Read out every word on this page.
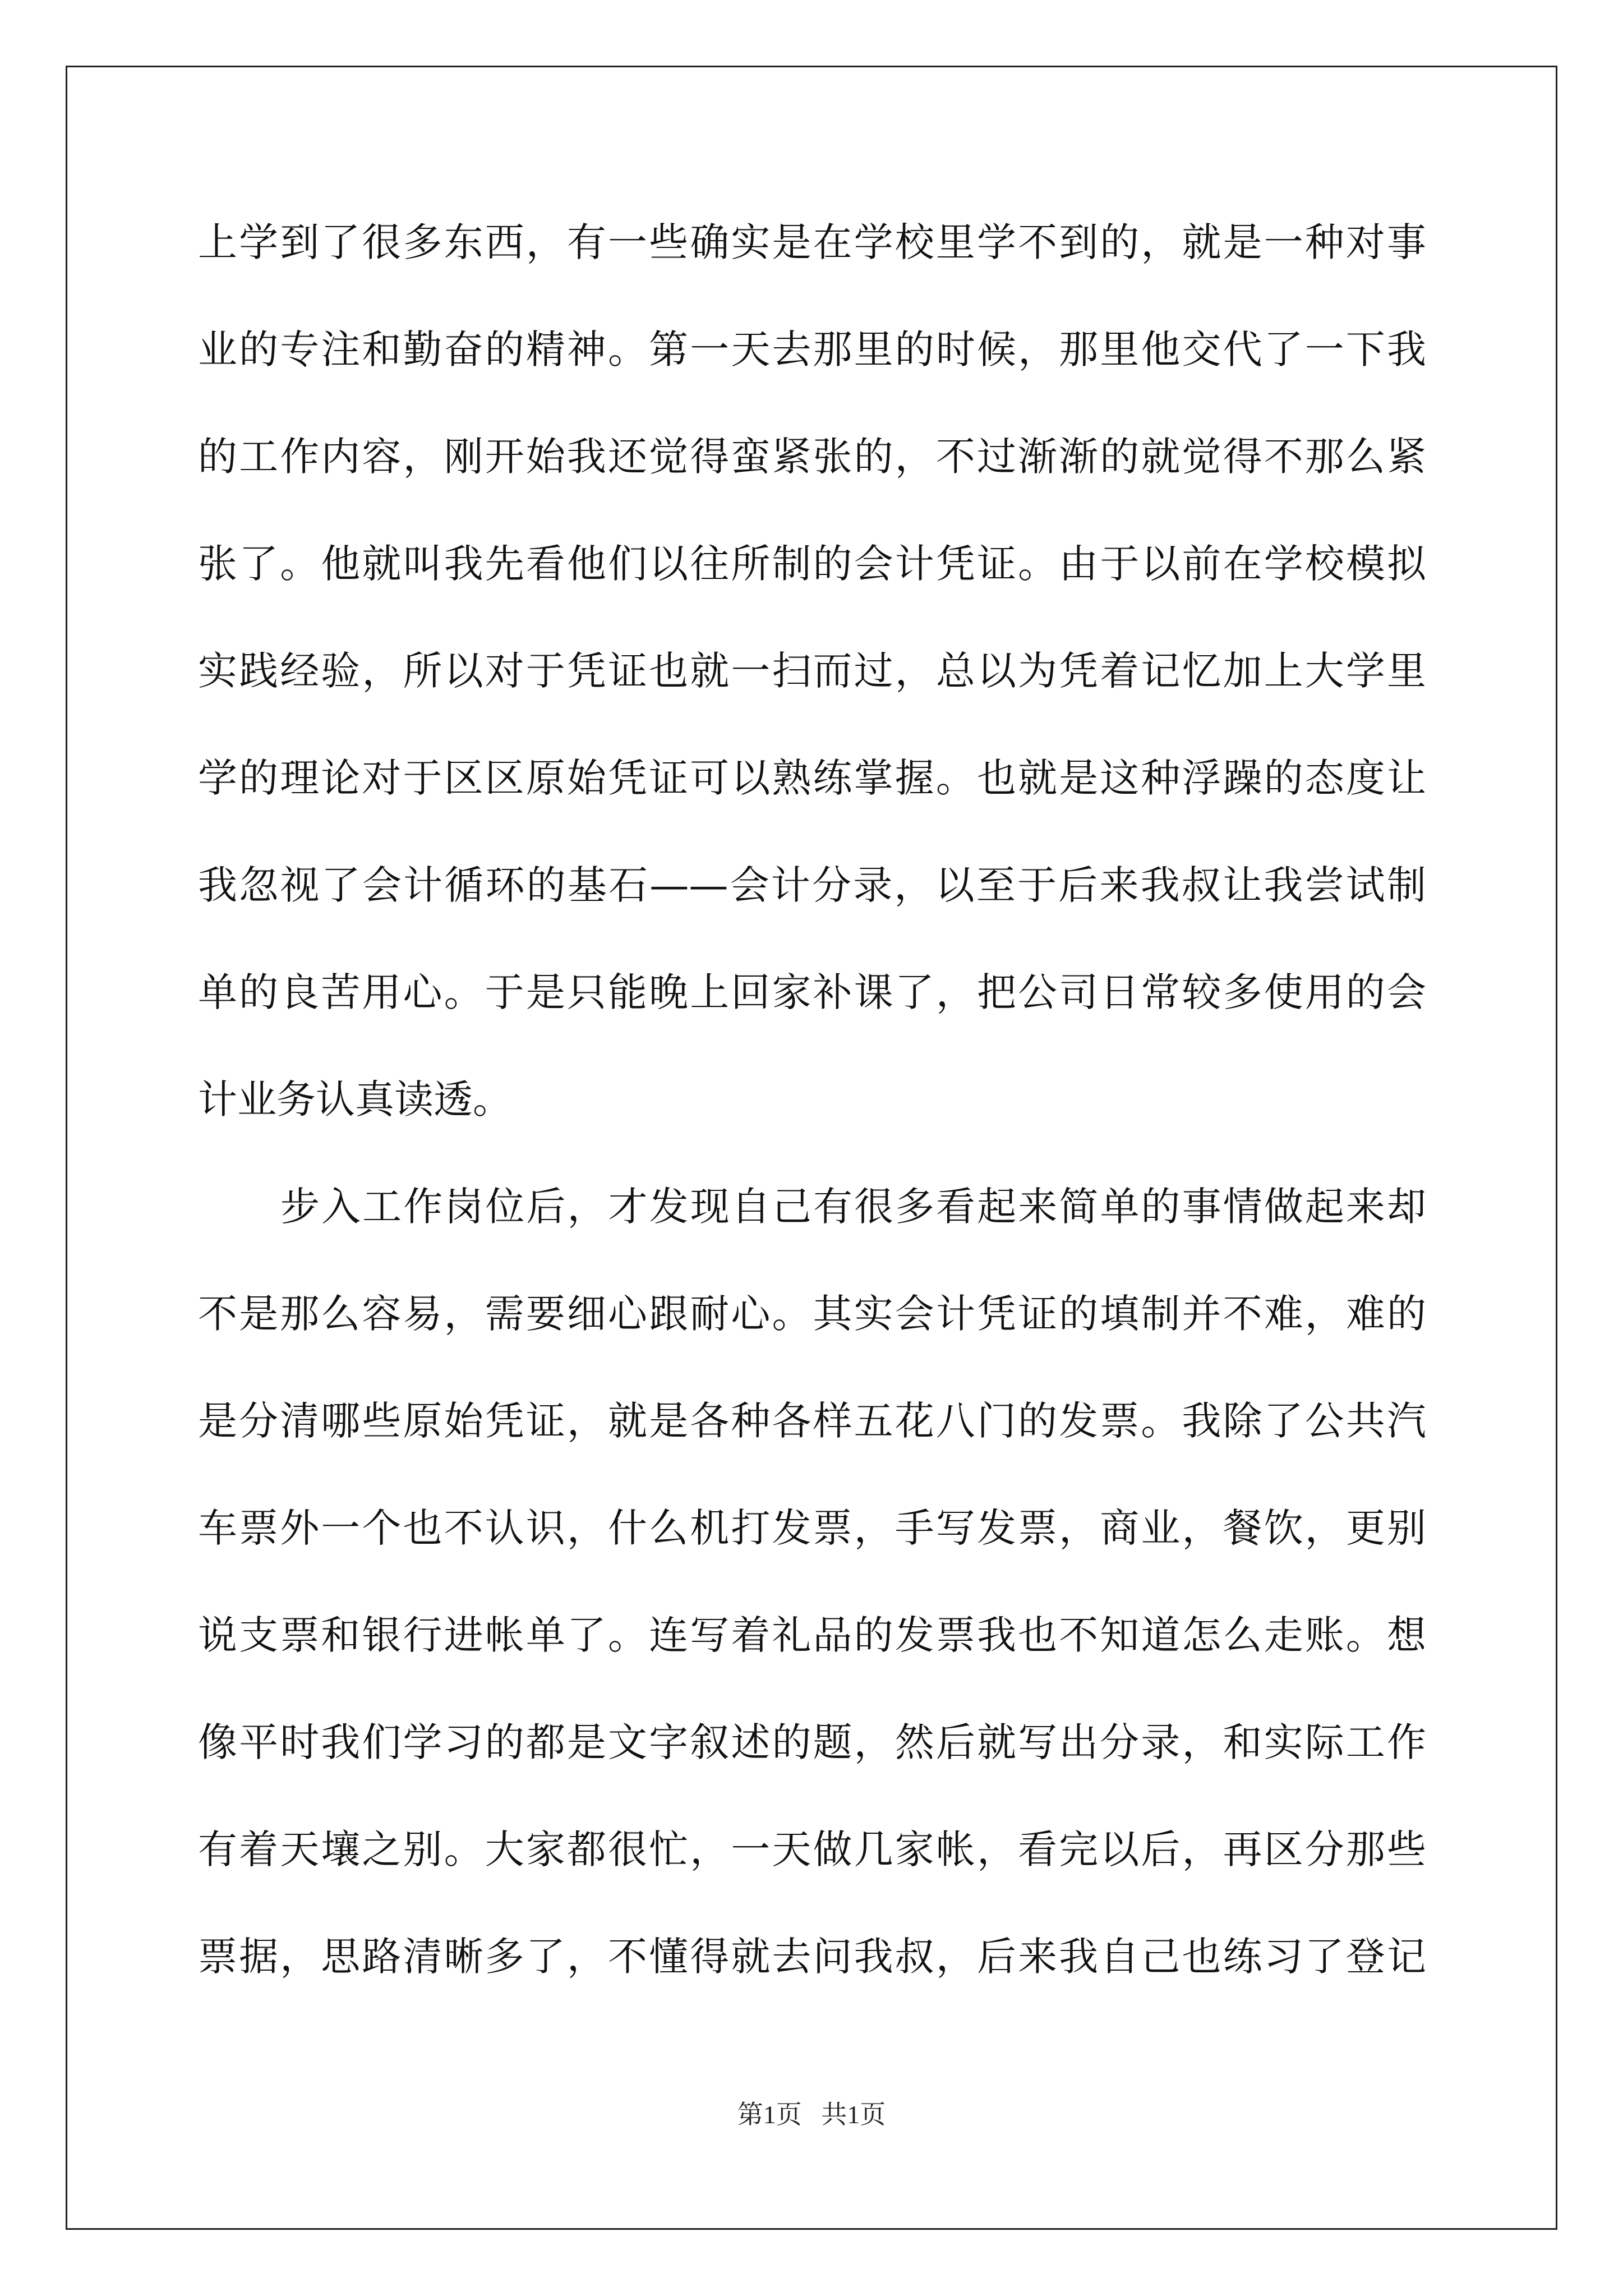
上学到了很多东西，有一些确实是在学校里学不到的，就是一种对事
业的专注和勤奋的精神。第一天去那里的时候，那里他交代了一下我
的工作内容，刚开始我还觉得蛮紧张的，不过渐渐的就觉得不那么紧
张了。他就叫我先看他们以往所制的会计凭证。由于以前在学校模拟
实践经验，所以对于凭证也就一扫而过，总以为凭着记忆加上大学里
学的理论对于区区原始凭证可以熟练掌握。也就是这种浮躁的态度让
我忽视了会计循环的基石——会计分录，以至于后来我叔让我尝试制
单的良苦用心。于是只能晚上回家补课了，把公司日常较多使用的会
计业务认真读透。
步入工作岗位后，才发现自己有很多看起来简单的事情做起来却
不是那么容易，需要细心跟耐心。其实会计凭证的填制并不难，难的
是分清哪些原始凭证，就是各种各样五花八门的发票。我除了公共汽
车票外一个也不认识，什么机打发票，手写发票，商业，餐饮，更别
说支票和银行进帐单了。连写着礼品的发票我也不知道怎么走账。想
像平时我们学习的都是文字叙述的题，然后就写出分录，和实际工作
有着天壤之别。大家都很忙，一天做几家帐，看完以后，再区分那些
票据，思路清晰多了，不懂得就去问我叔，后来我自己也练习了登记
第1页 共1页
